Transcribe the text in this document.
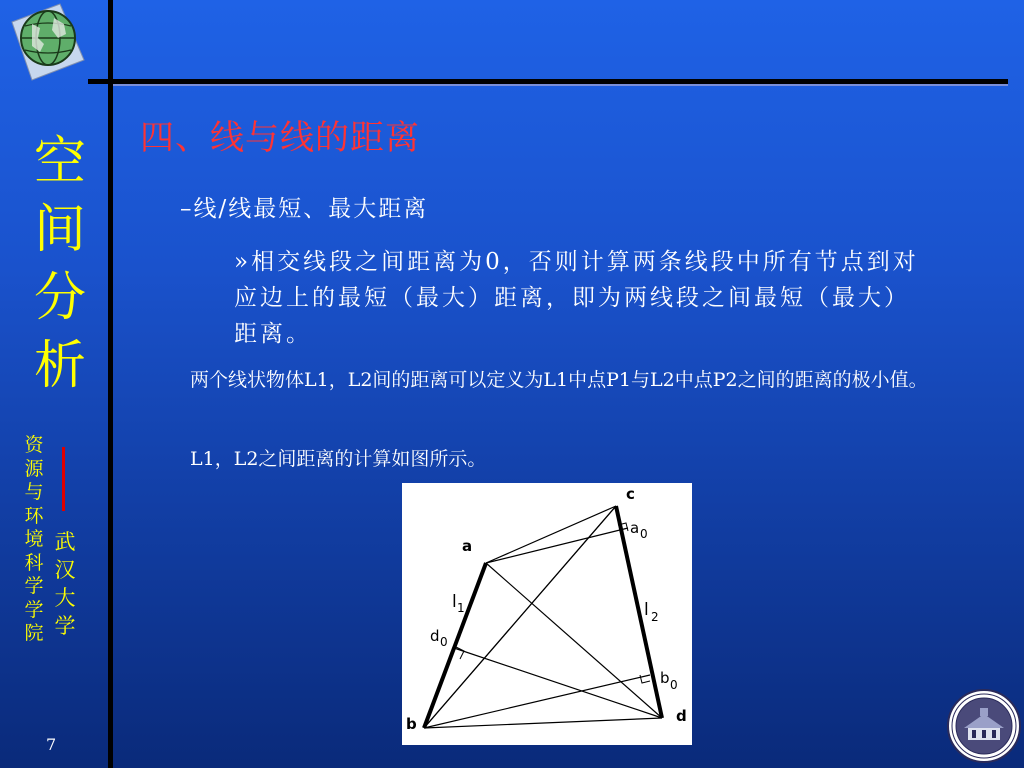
空
间
分
析
资
源
与
环
境
科
学
学
院
武
汉
大
学
7
四、线与线的距离
–线/线最短、最大距离
»相交线段之间距离为0，否则计算两条线段中所有节点到对应边上的最短（最大）距离，即为两线段之间最短（最大）距离。
两个线状物体L1，L2间的距离可以定义为L1中点P1与L2中点P2之间的距离的极小值。
L1，L2之间距离的计算如图所示。
c
a
b	d
l 1	l 2
a 0
b 0
d 0
